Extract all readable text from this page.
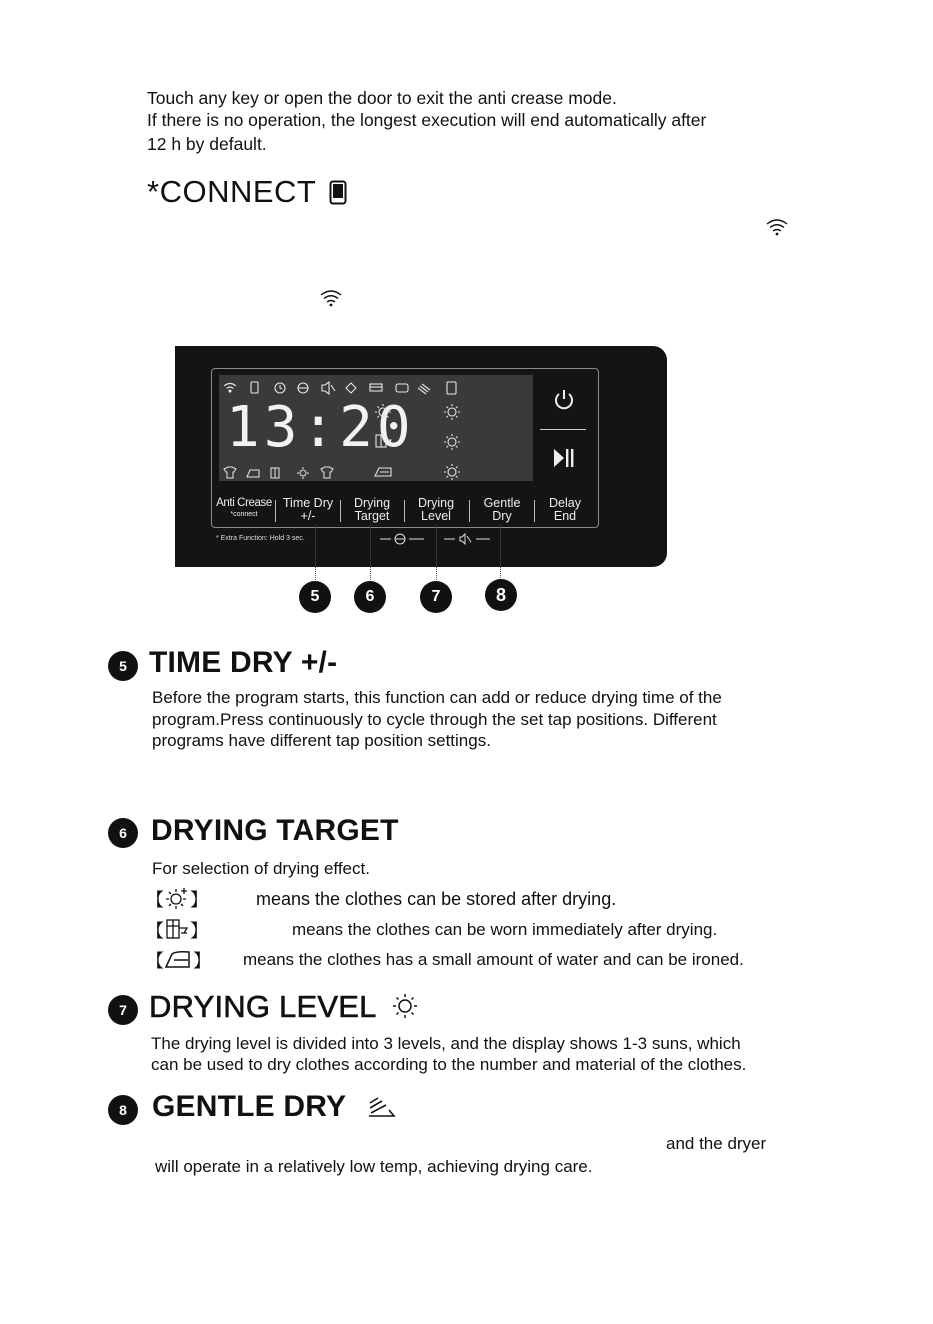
Touch any key or open the door to exit the anti crease mode.
If there is no operation, the longest execution will end automatically after
12 h by default.
*CONNECT
13:20
Anti Crease
*connect
Time Dry
+/-
Drying
Target
Drying
Level
Gentle
Dry
Delay
End
* Extra Function: Hold 3 sec.
5	6	7	8
5 TIME DRY +/-
Before the program starts, this function can add or reduce drying time of the
program.Press continuously to cycle through the set tap positions. Different
programs have different tap position settings.
6 DRYING TARGET
For selection of drying effect.
【 】	means the clothes can be stored after drying.
【 】	means the clothes can be worn immediately after drying.
【 】 means the clothes has a small amount of water and can be ironed.
7 DRYING LEVEL
The drying level is divided into 3 levels, and the display shows 1-3 suns, which
can be used to dry clothes according to the number and material of the clothes.
8 GENTLE DRY
and the dryer
will operate in a relatively low temp, achieving drying care.
